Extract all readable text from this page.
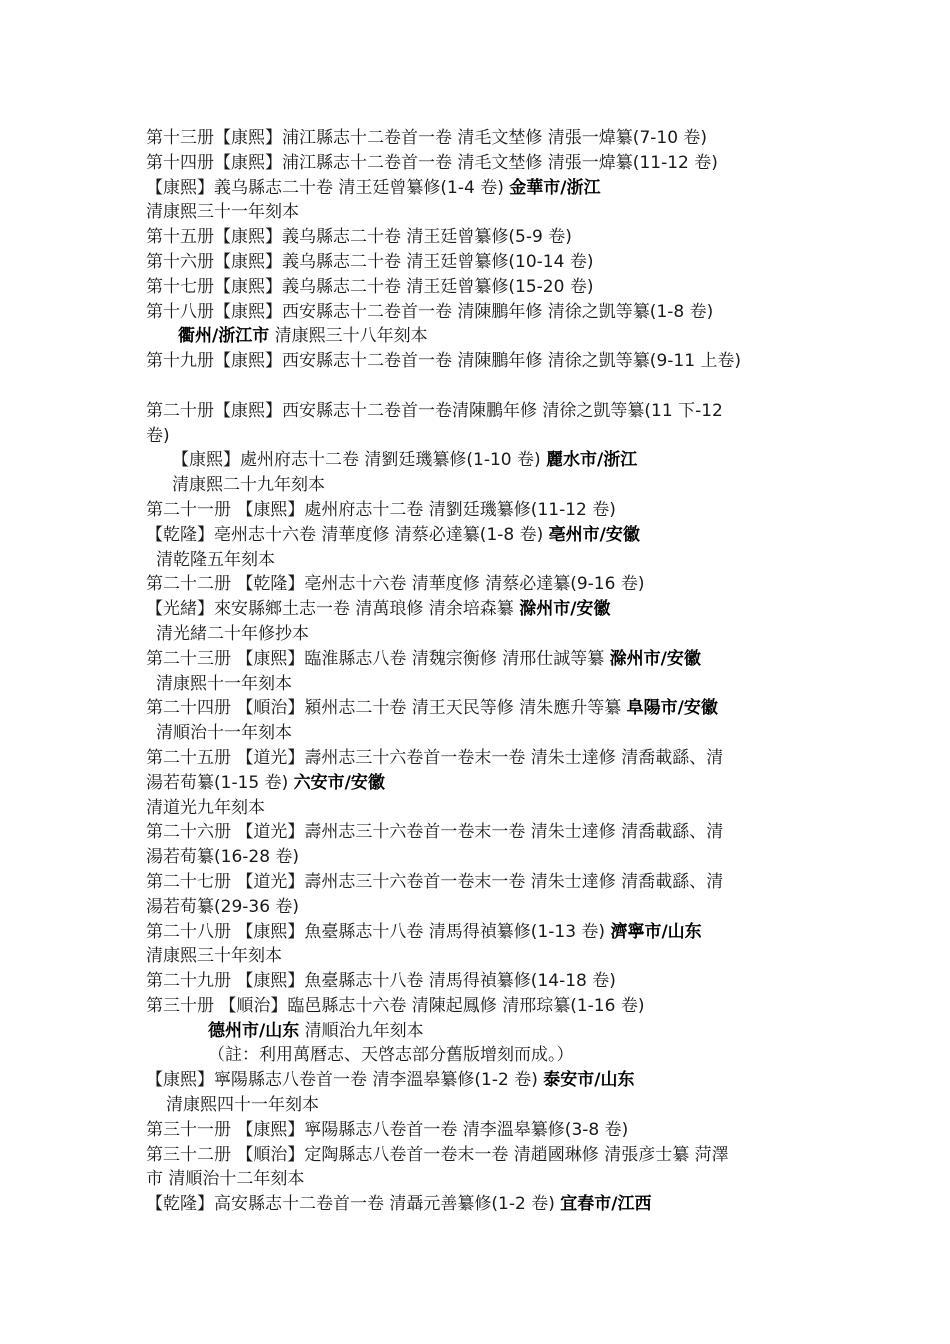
第十三册【康熙】浦江縣志十二卷首一卷 清毛文埜修 清張一煒纂(7-10 卷)
第十四册【康熙】浦江縣志十二卷首一卷 清毛文埜修 清張一煒纂(11-12 卷)
【康熙】義乌縣志二十卷 清王廷曾纂修(1-4 卷) 金華市/浙江
清康熙三十一年刻本
第十五册【康熙】義乌縣志二十卷 清王廷曾纂修(5-9 卷)
第十六册【康熙】義乌縣志二十卷 清王廷曾纂修(10-14 卷)
第十七册【康熙】義乌縣志二十卷 清王廷曾纂修(15-20 卷)
第十八册【康熙】西安縣志十二卷首一卷 清陳鵬年修 清徐之凱等纂(1-8 卷)
衢州/浙江市 清康熙三十八年刻本
第十九册【康熙】西安縣志十二卷首一卷 清陳鵬年修 清徐之凱等纂(9-11 上卷)
第二十册【康熙】西安縣志十二卷首一卷清陳鵬年修 清徐之凱等纂(11 下-12
卷)
【康熙】處州府志十二卷 清劉廷璣纂修(1-10 卷) 麗水市/浙江
清康熙二十九年刻本
第二十一册 【康熙】處州府志十二卷 清劉廷璣纂修(11-12 卷)
【乾隆】亳州志十六卷 清華度修 清蔡必達纂(1-8 卷) 亳州市/安徽
清乾隆五年刻本
第二十二册 【乾隆】亳州志十六卷 清華度修 清蔡必達纂(9-16 卷)
【光緒】來安縣鄉土志一卷 清萬琅修 清余培森纂 滁州市/安徽
清光緒二十年修抄本
第二十三册 【康熙】臨淮縣志八卷 清魏宗衡修 清邢仕誠等纂 滁州市/安徽
清康熙十一年刻本
第二十四册 【順治】潁州志二十卷 清王天民等修 清朱應升等纂 阜陽市/安徽
清順治十一年刻本
第二十五册 【道光】壽州志三十六卷首一卷末一卷 清朱士達修 清喬載繇、清
湯若荀纂(1-15 卷) 六安市/安徽
清道光九年刻本
第二十六册 【道光】壽州志三十六卷首一卷末一卷 清朱士達修 清喬載繇、清
湯若荀纂(16-28 卷)
第二十七册 【道光】壽州志三十六卷首一卷末一卷 清朱士達修 清喬載繇、清
湯若荀纂(29-36 卷)
第二十八册 【康熙】魚臺縣志十八卷 清馬得禎纂修(1-13 卷) 濟寧市/山东
清康熙三十年刻本
第二十九册 【康熙】魚臺縣志十八卷 清馬得禎纂修(14-18 卷)
第三十册 【順治】臨邑縣志十六卷 清陳起鳳修 清邢琮纂(1-16 卷)
德州市/山东 清順治九年刻本
（註：利用萬曆志、天啓志部分舊版增刻而成。）
【康熙】寧陽縣志八卷首一卷 清李溫皋纂修(1-2 卷) 泰安市/山东
清康熙四十一年刻本
第三十一册 【康熙】寧陽縣志八卷首一卷 清李溫皋纂修(3-8 卷)
第三十二册 【順治】定陶縣志八卷首一卷末一卷 清趙國琳修 清張彦士纂 菏澤
市 清順治十二年刻本
【乾隆】高安縣志十二卷首一卷 清聶元善纂修(1-2 卷) 宜春市/江西
